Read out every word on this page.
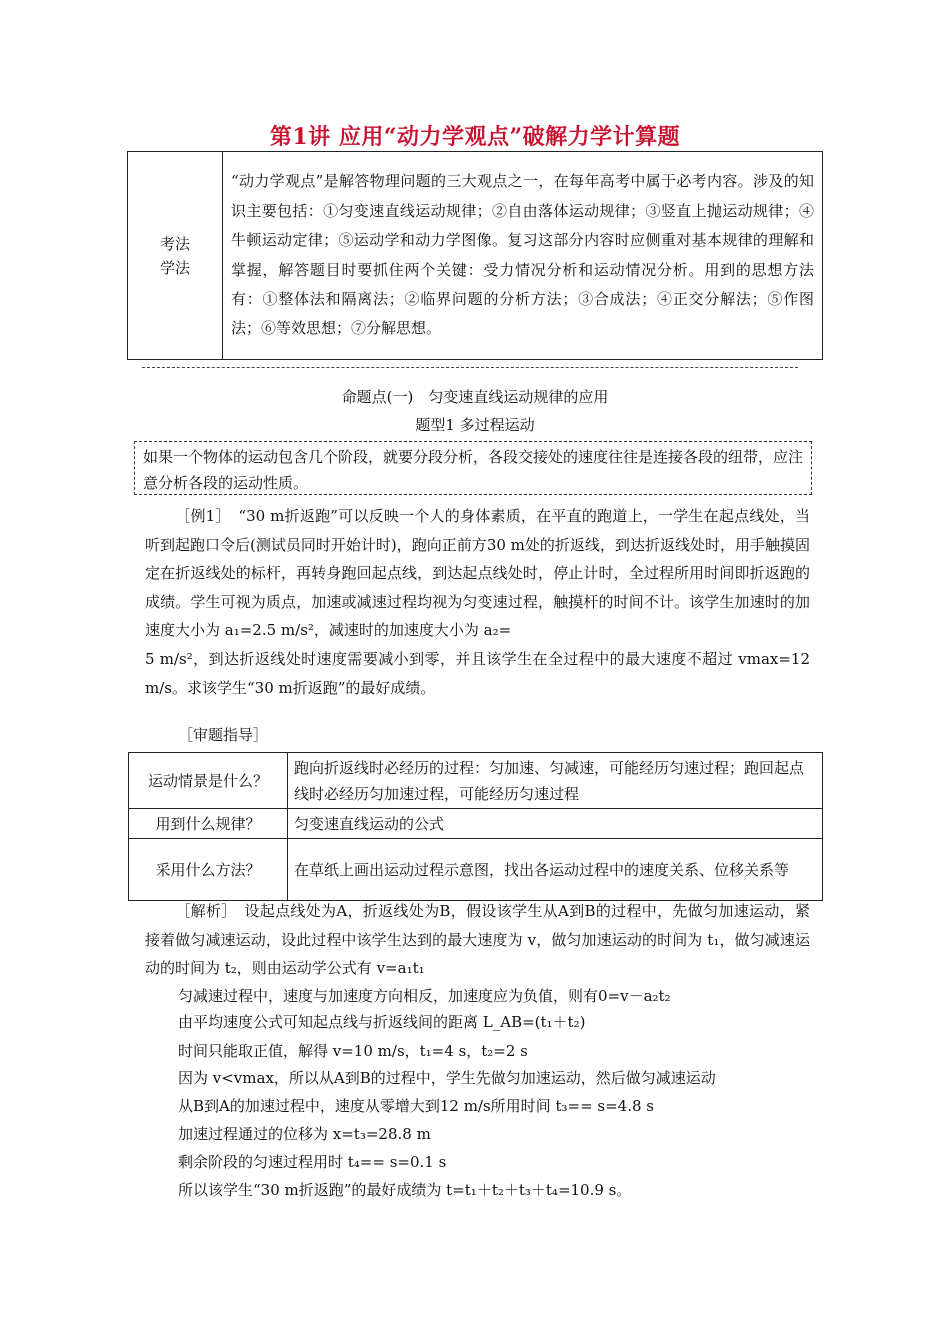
第1讲 应用“动力学观点”破解力学计算题
考法
学法
	“动力学观点”是解答物理问题的三大观点之一，在每年高考中属于必考内容。涉及的知识主要包括：①匀变速直线运动规律；②自由落体运动规律；③竖直上抛运动规律；④牛顿运动定律；⑤运动学和动力学图像。复习这部分内容时应侧重对基本规律的理解和掌握，解答题目时要抓住两个关键：受力情况分析和运动情况分析。用到的思想方法有：①整体法和隔离法；②临界问题的分析方法；③合成法；④正交分解法；⑤作图法；⑥等效思想；⑦分解思想。
命题点(一)　匀变速直线运动规律的应用
题型1 多过程运动

如果一个物体的运动包含几个阶段，就要分段分析，各段交接处的速度往往是连接各段的纽带，应注意分析各段的运动性质。

［例1］　“30 m折返跑”可以反映一个人的身体素质，在平直的跑道上，一学生在起点线处，当听到起跑口令后(测试员同时开始计时)，跑向正前方30 m处的折返线，到达折返线处时，用手触摸固定在折返线处的标杆，再转身跑回起点线，到达起点线处时，停止计时，全过程所用时间即折返跑的成绩。学生可视为质点，加速或减速过程均视为匀变速过程，触摸杆的时间不计。该学生加速时的加速度大小为 a₁=2.5 m/s²，减速时的加速度大小为 a₂=
5 m/s²，到达折返线处时速度需要减小到零，并且该学生在全过程中的最大速度不超过 vmax=12 m/s。求该学生“30 m折返跑”的最好成绩。
［审题指导］
运动情景是什么？	跑向折返线时必经历的过程：匀加速、匀减速，可能经历匀速过程；跑回起点线时必经历匀加速过程，可能经历匀速过程
用到什么规律？	匀变速直线运动的公式
采用什么方法？	在草纸上画出运动过程示意图，找出各运动过程中的速度关系、位移关系等
［解析］　设起点线处为A，折返线处为B，假设该学生从A到B的过程中，先做匀加速运动，紧接着做匀减速运动，设此过程中该学生达到的最大速度为 v，做匀加速运动的时间为 t₁，做匀减速运动的时间为 t₂，则由运动学公式有 v=a₁t₁
匀减速过程中，速度与加速度方向相反，加速度应为负值，则有0=v－a₂t₂
由平均速度公式可知起点线与折返线间的距离 L_AB=(t₁＋t₂)
时间只能取正值，解得 v=10 m/s，t₁=4 s，t₂=2 s
因为 v<vmax，所以从A到B的过程中，学生先做匀加速运动，然后做匀减速运动
从B到A的加速过程中，速度从零增大到12 m/s所用时间 t₃== s=4.8 s
加速过程通过的位移为 x=t₃=28.8 m
剩余阶段的匀速过程用时 t₄== s=0.1 s
所以该学生“30 m折返跑”的最好成绩为 t=t₁＋t₂＋t₃＋t₄=10.9 s。
